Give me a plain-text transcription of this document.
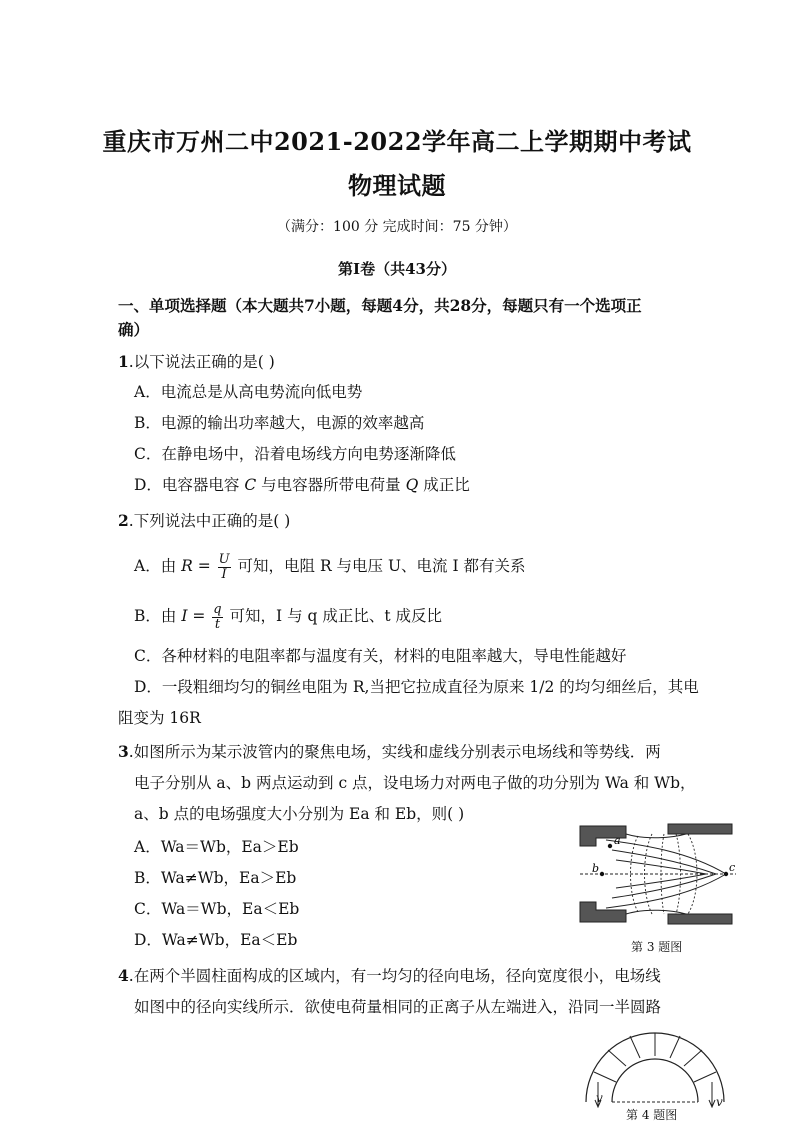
重庆市万州二中2021-2022学年高二上学期期中考试
物理试题
（满分：100 分 完成时间：75 分钟）
第Ⅰ卷（共43分）
一、单项选择题（本大题共7小题，每题4分，共28分，每题只有一个选项正
确）
1.以下说法正确的是( )
A．电流总是从高电势流向低电势
B．电源的输出功率越大，电源的效率越高
C．在静电场中，沿着电场线方向电势逐渐降低
D．电容器电容 C 与电容器所带电荷量 Q 成正比
2.下列说法中正确的是( )
A．由 $R = \frac{U}{I}$ 可知，电阻 R 与电压 U、电流 I 都有关系
B．由 $I = \frac{q}{t}$ 可知，I 与 q 成正比、t 成反比
C．各种材料的电阻率都与温度有关，材料的电阻率越大，导电性能越好
D．一段粗细均匀的铜丝电阻为 R,当把它拉成直径为原来 1/2 的均匀细丝后，其电
阻变为 16R
3.如图所示为某示波管内的聚焦电场，实线和虚线分别表示电场线和等势线．两
电子分别从 a、b 两点运动到 c 点，设电场力对两电子做的功分别为 Wa 和 Wb，
a、b 点的电场强度大小分别为 Ea 和 Eb，则( )
A．Wa＝Wb，Ea＞Eb
B．Wa≠Wb，Ea＞Eb
C．Wa＝Wb，Ea＜Eb
D．Wa≠Wb，Ea＜Eb
a
b	c
第 3 题图
4.在两个半圆柱面构成的区域内，有一均匀的径向电场，径向宽度很小，电场线
如图中的径向实线所示．欲使电荷量相同的正离子从左端进入，沿同一半圆路
v	v
第 4 题图
